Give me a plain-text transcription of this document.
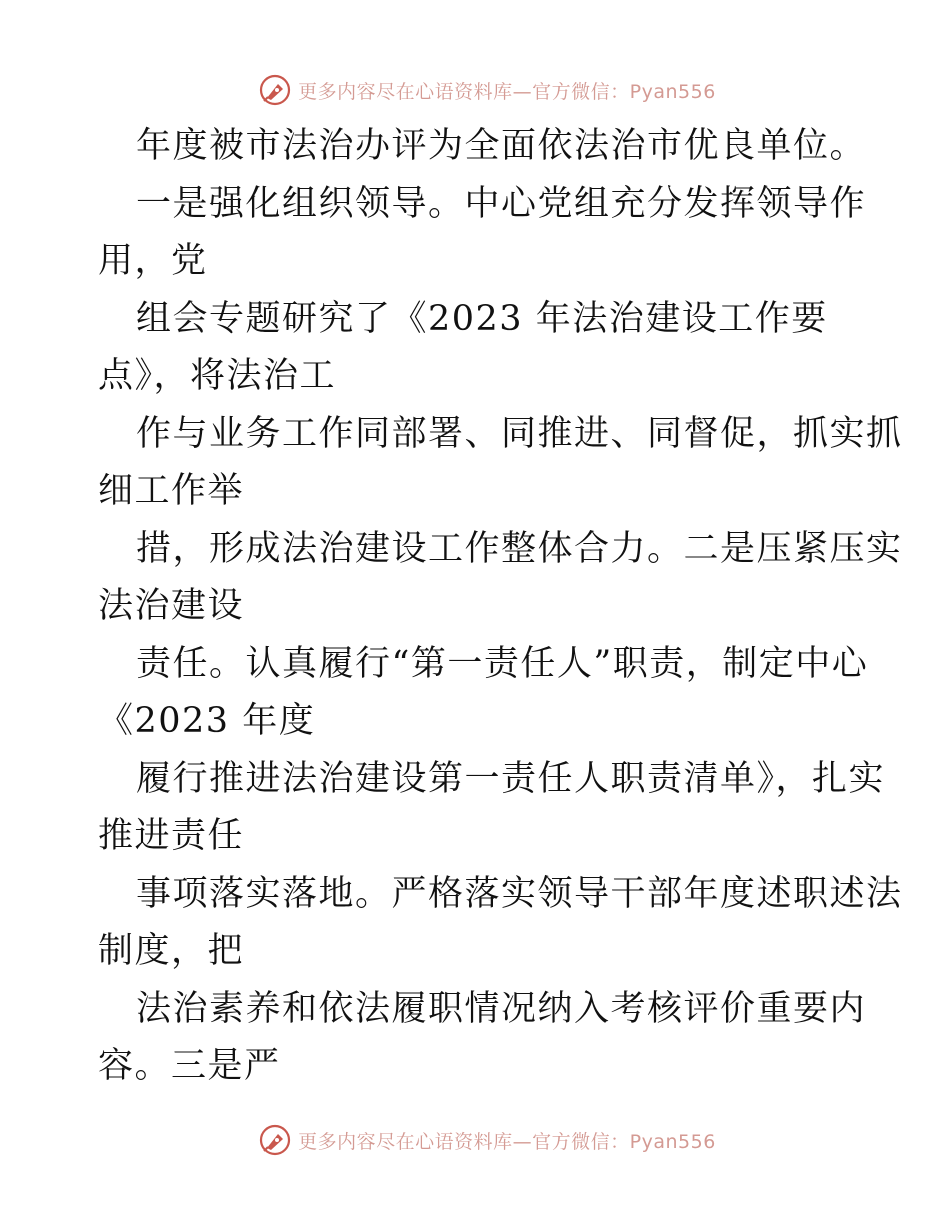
更多内容尽在心语资料库—官方微信：Pyan556
年度被市法治办评为全面依法治市优良单位。
一是强化组织领导。中心党组充分发挥领导作
用，党
组会专题研究了《2023 年法治建设工作要
点》，将法治工
作与业务工作同部署、同推进、同督促，抓实抓
细工作举
措，形成法治建设工作整体合力。二是压紧压实
法治建设
责任。认真履行“第一责任人”职责，制定中心
《2023 年度
履行推进法治建设第一责任人职责清单》，扎实
推进责任
事项落实落地。严格落实领导干部年度述职述法
制度，把
法治素养和依法履职情况纳入考核评价重要内
容。三是严
更多内容尽在心语资料库—官方微信：Pyan556
